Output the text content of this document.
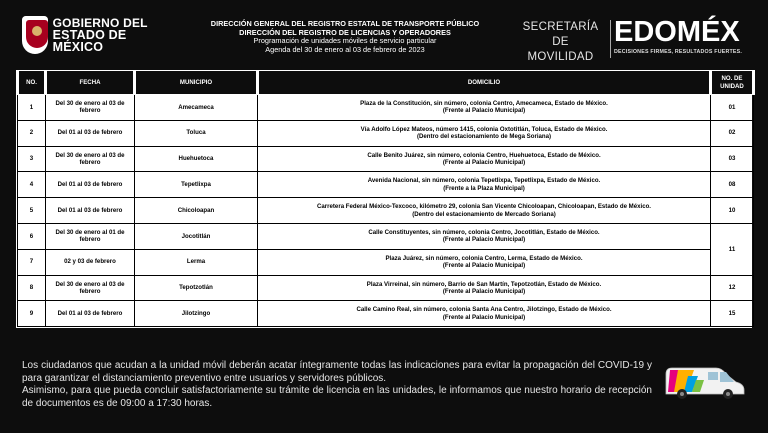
GOBIERNO DEL
ESTADO DE MÉXICO
DIRECCIÓN GENERAL DEL REGISTRO ESTATAL DE TRANSPORTE PÚBLICO
DIRECCIÓN DEL REGISTRO DE LICENCIAS Y OPERADORES
Programación de unidades móviles de servicio particular
Agenda del 30 de enero al 03 de febrero de 2023
SECRETARÍA DE
MOVILIDAD
EDOMÉX
DECISIONES FIRMES, RESULTADOS FUERTES.
NO.	FECHA	MUNICIPIO	DOMICILIO	NO. DE UNIDAD
1	Del 30 de enero al 03 de febrero	Amecameca	Plaza de la Constitución, sin número, colonia Centro, Amecameca, Estado de México.
(Frente al Palacio Municipal)	01
2	Del 01 al 03 de febrero	Toluca	Vía Adolfo López Mateos, número 1415, colonia Oxtotitlán, Toluca, Estado de México.
(Dentro del estacionamiento de Mega Soriana)	02
3	Del 30 de enero al 03 de febrero	Huehuetoca	Calle Benito Juárez, sin número, colonia Centro, Huehuetoca, Estado de México.
(Frente al Palacio Municipal)	03
4	Del 01 al 03 de febrero	Tepetlixpa	Avenida Nacional, sin número, colonia Tepetlixpa, Tepetlixpa, Estado de México.
(Frente a la Plaza Municipal)	08
5	Del 01 al 03 de febrero	Chicoloapan	Carretera Federal México-Texcoco, kilómetro 29, colonia San Vicente Chicoloapan, Chicoloapan, Estado de México.
(Dentro del estacionamiento de Mercado Soriana)	10
6	Del 30 de enero al 01 de febrero	Jocotitlán	Calle Constituyentes, sin número, colonia Centro, Jocotitlán, Estado de México.
(Frente al Palacio Municipal)	11
7	02 y 03 de febrero	Lerma	Plaza Juárez, sin número, colonia Centro, Lerma, Estado de México.
(Frente al Palacio Municipal)	

8	Del 30 de enero al 03 de febrero	Tepotzotlán	Plaza Virreinal, sin número, Barrio de San Martín, Tepotzotlán, Estado de México.
(Frente al Palacio Municipal)	12
9	Del 01 al 03 de febrero	Jilotzingo	Calle Camino Real, sin número, colonia Santa Ana Centro, Jilotzingo, Estado de México.
(Frente al Palacio Municipal)	15

Los ciudadanos que acudan a la unidad móvil deberán acatar íntegramente todas las indicaciones para evitar la propagación del COVID-19 y para garantizar el distanciamiento preventivo entre usuarios y servidores públicos.

Asimismo, para que pueda concluir satisfactoriamente su trámite de licencia en las unidades, le informamos que nuestro horario de recepción de documentos es de 09:00 a 17:30 horas.
